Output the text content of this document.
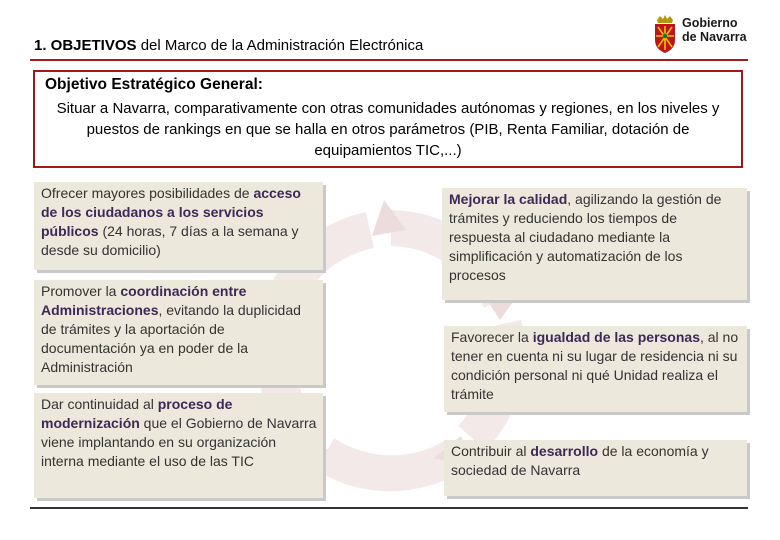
1. OBJETIVOS del Marco de la Administración Electrónica
Gobierno
de Navarra
Objetivo Estratégico General:
Situar a Navarra, comparativamente con otras comunidades autónomas y regiones, en los niveles y puestos de rankings en que se halla en otros parámetros (PIB, Renta Familiar, dotación de equipamientos TIC,...)
Ofrecer mayores posibilidades de acceso de los ciudadanos a los servicios públicos (24 horas, 7 días a la semana y desde su domicilio)
Promover la coordinación entre Administraciones, evitando la duplicidad de trámites y la aportación de documentación ya en poder de la Administración
Dar continuidad al proceso de modernización que el Gobierno de Navarra viene implantando en su organización interna mediante el uso de las TIC
Mejorar la calidad, agilizando la gestión de trámites y reduciendo los tiempos de respuesta al ciudadano mediante la simplificación y automatización de los procesos
Favorecer la igualdad de las personas, al no tener en cuenta ni su lugar de residencia ni su condición personal ni qué Unidad realiza el trámite
Contribuir al desarrollo de la economía y sociedad de Navarra
